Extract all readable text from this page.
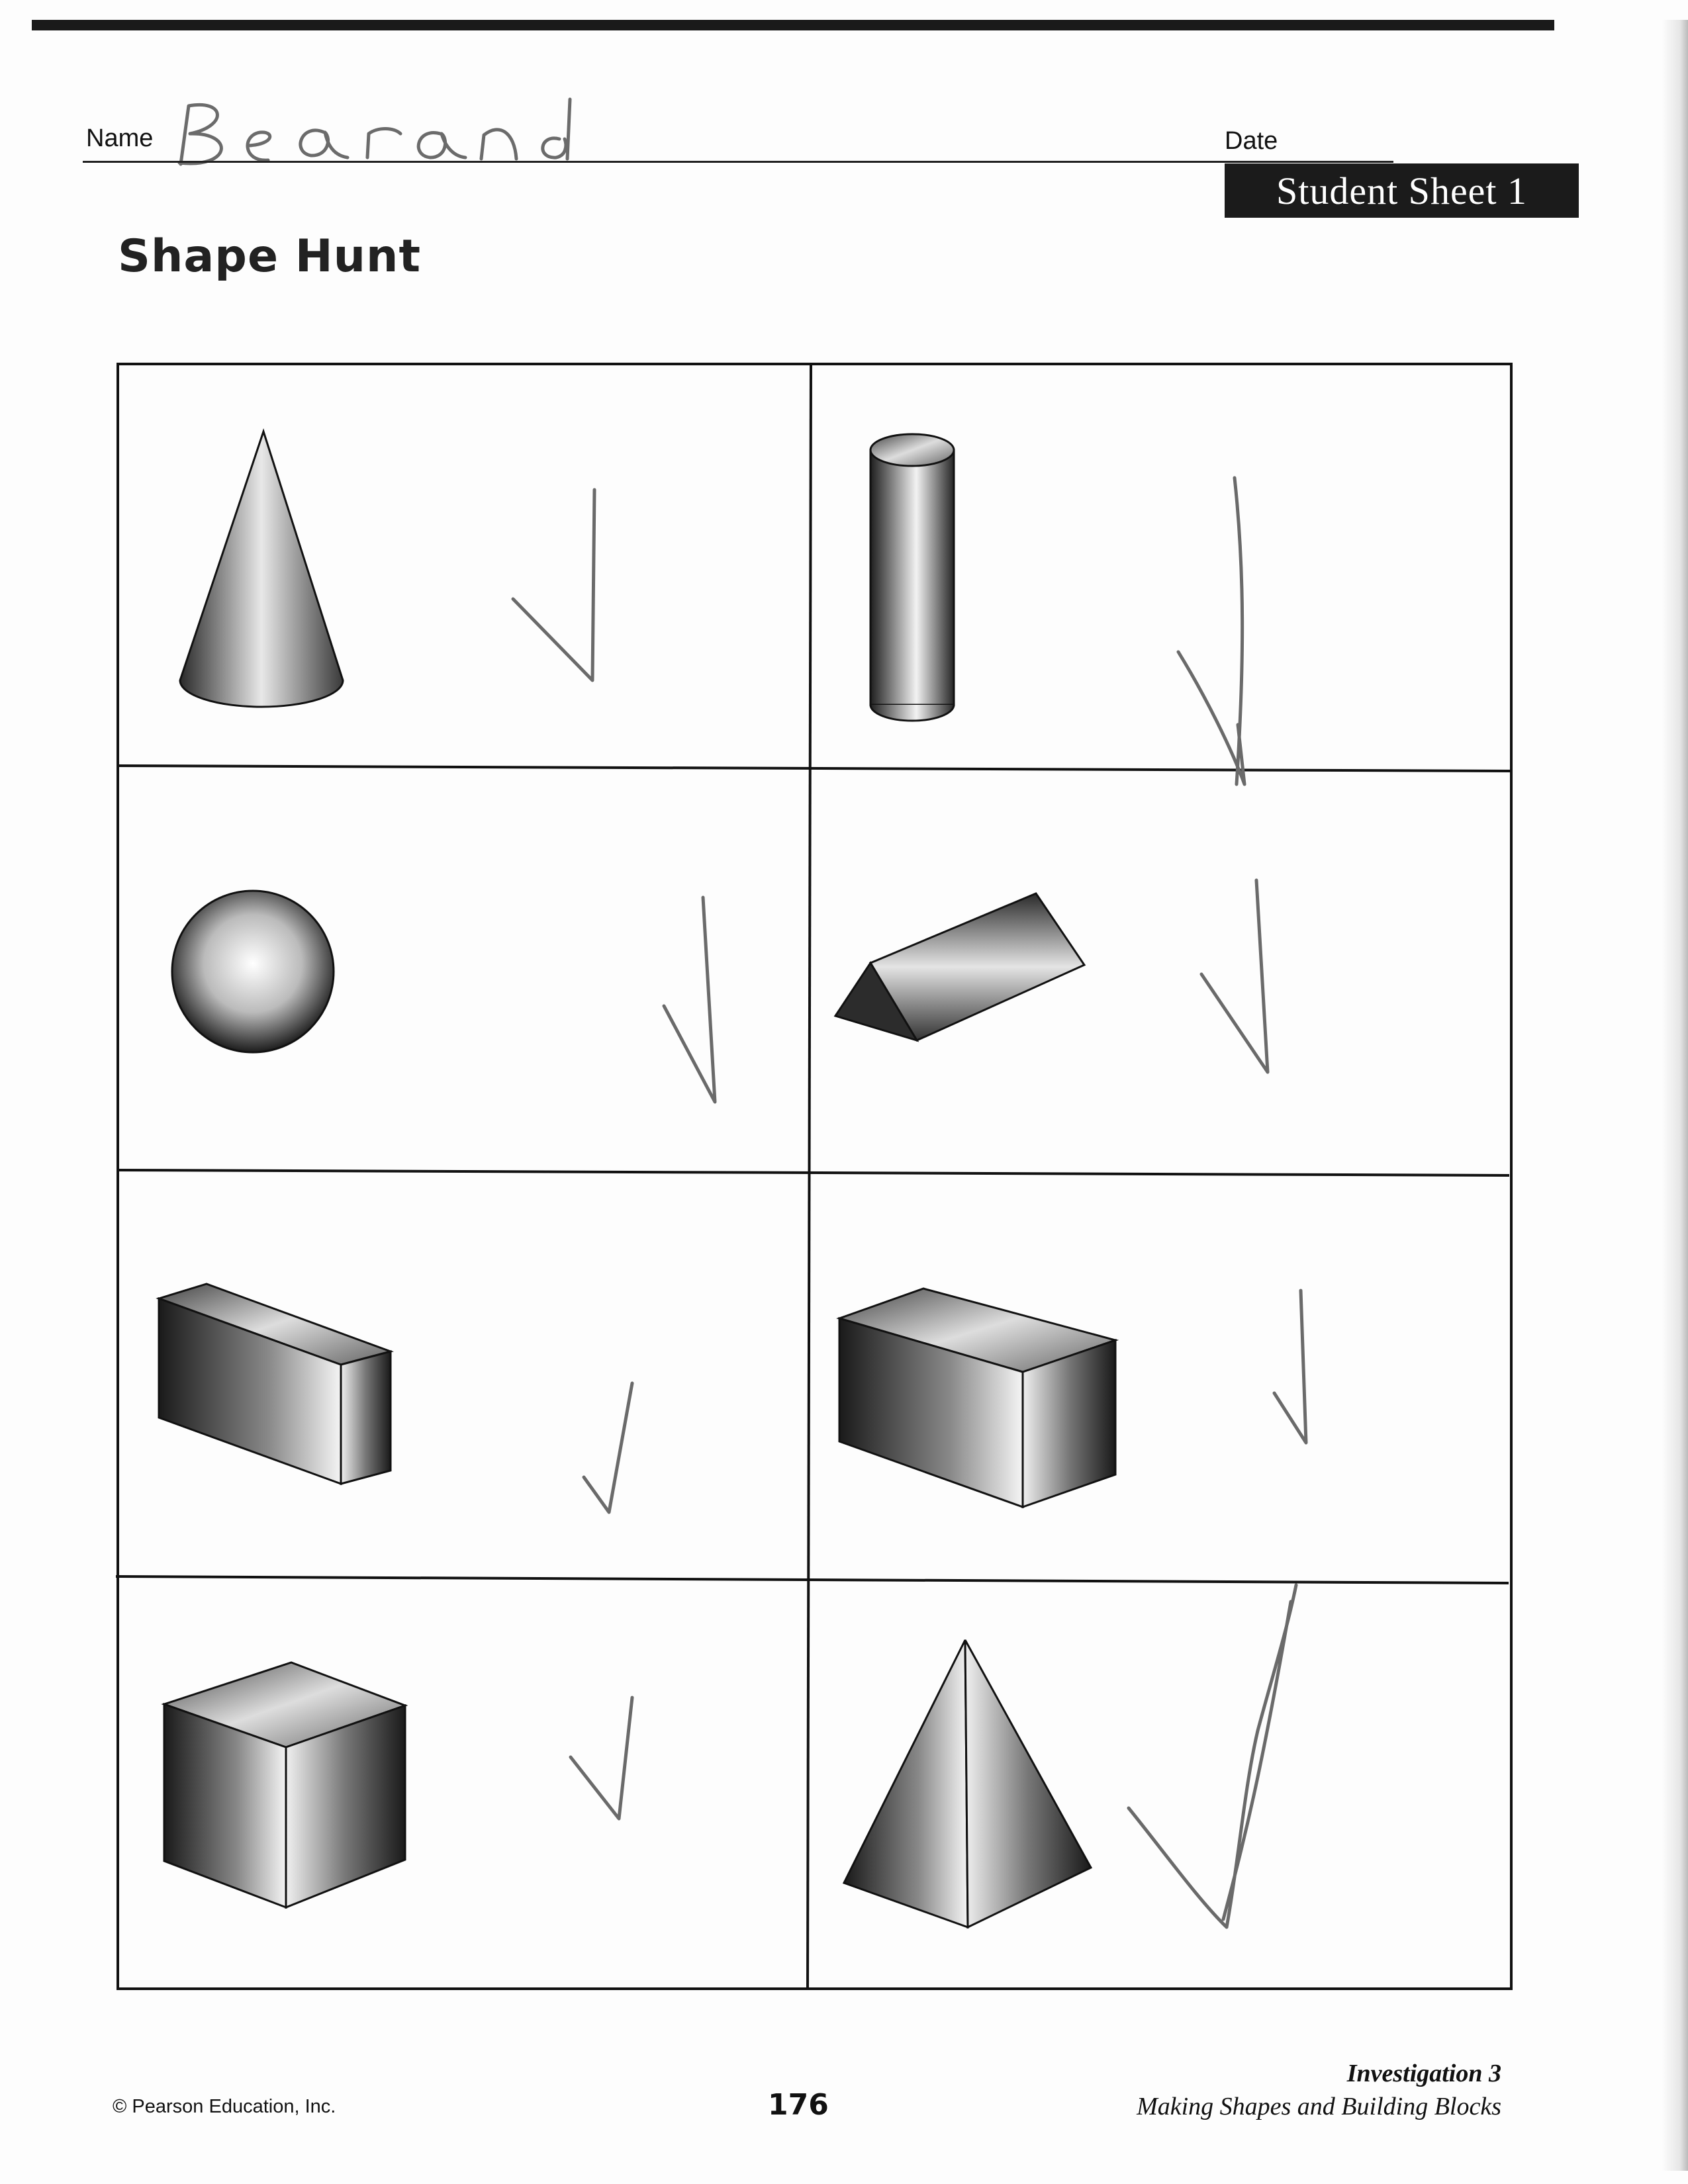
Name	Date
Student Sheet 1
Shape Hunt
© Pearson Education, Inc.	176
Investigation 3
Making Shapes and Building Blocks
